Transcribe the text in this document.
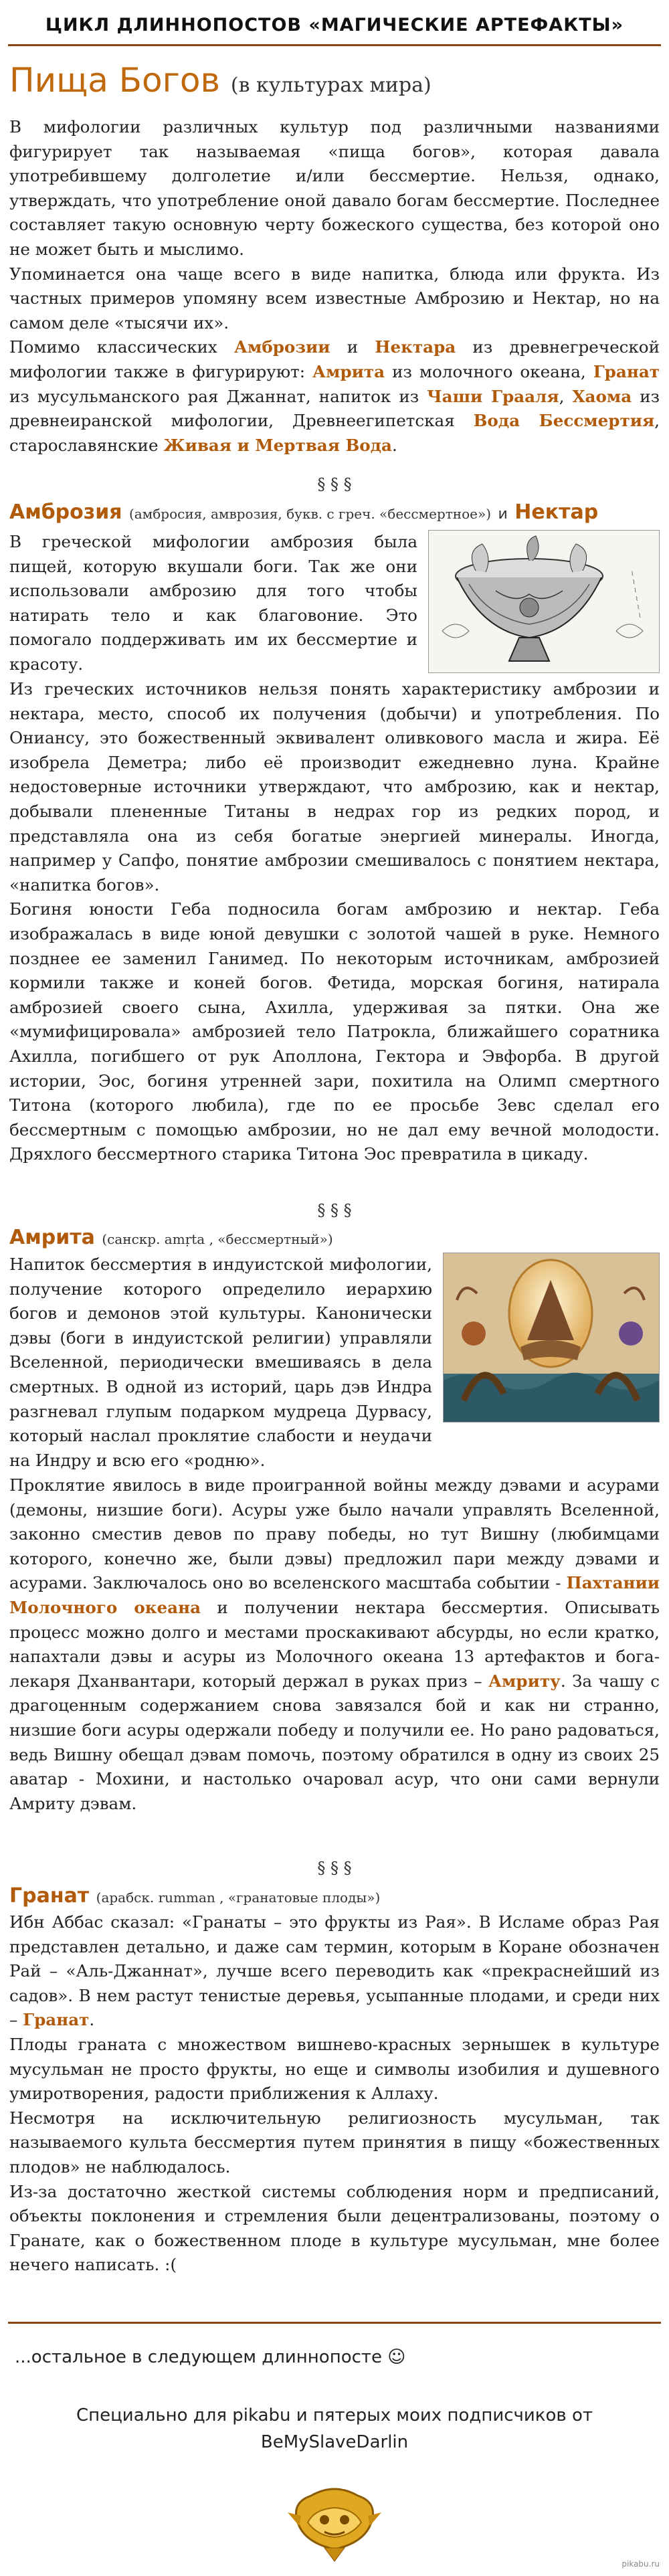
ЦИКЛ ДЛИННОПОСТОВ «МАГИЧЕСКИЕ АРТЕФАКТЫ»
Пища Богов (в культурах мира)

В мифологии различных культур под различными названиями фигурирует так называемая «пища богов», которая давала употребившему долголетие и/или бессмертие. Нельзя, однако, утверждать, что употребление оной давало богам бессмертие. Последнее составляет такую основную черту божеского существа, без которой оно не может быть и мыслимо.

Упоминается она чаще всего в виде напитка, блюда или фрукта. Из частных примеров упомяну всем известные Амброзию и Нектар, но на самом деле «тысячи их».

Помимо классических Амброзии и Нектара из древнегреческой мифологии также в фигурируют: Амрита из молочного океана, Гранат из мусульманского рая Джаннат, напиток из Чаши Грааля, Хаома из древнеиранской мифологии, Древнеегипетская Вода Бессмертия, старославянские Живая и Мертвая Вода.

§ § §
Амброзия (амбросия, амврозия, букв. с греч. «бессмертное») и Нектар
~ ~ ~ ~ ~ ~

В греческой мифологии амброзия была пищей, которую вкушали боги. Так же они использовали амброзию для того чтобы натирать тело и как благовоние. Это помогало поддерживать им их бессмертие и красоту.

Из греческих источников нельзя понять характеристику амброзии и нектара, место, способ их получения (добычи) и употребления. По Ониансу, это божественный эквивалент оливкового масла и жира. Её изобрела Деметра; либо её производит ежедневно луна. Крайне недостоверные источники утверждают, что амброзию, как и нектар, добывали плененные Титаны в недрах гор из редких пород, и представляла она из себя богатые энергией минералы. Иногда, например у Сапфо, понятие амброзии смешивалось с понятием нектара, «напитка богов».

Богиня юности Геба подносила богам амброзию и нектар. Геба изображалась в виде юной девушки с золотой чашей в руке. Немного позднее ее заменил Ганимед. По некоторым источникам, амброзией кормили также и коней богов. Фетида, морская богиня, натирала амброзией своего сына, Ахилла, удерживая за пятки. Она же «мумифицировала» амброзией тело Патрокла, ближайшего соратника Ахилла, погибшего от рук Аполлона, Гектора и Эвфорба. В другой истории, Эос, богиня утренней зари, похитила на Олимп смертного Титона (которого любила), где по ее просьбе Зевс сделал его бессмертным с помощью амброзии, но не дал ему вечной молодости. Дряхлого бессмертного старика Титона Эос превратила в цикаду.

§ § §
Амрита (санскр. amṛta , «бессмертный»)

Напиток бессмертия в индуистской мифологии, получение которого определило иерархию богов и демонов этой культуры. Канонически дэвы (боги в индуистской религии) управляли Вселенной, периодически вмешиваясь в дела смертных. В одной из историй, царь дэв Индра разгневал глупым подарком мудреца Дурвасу, который наслал проклятие слабости и неудачи на Индру и всю его «родню».

Проклятие явилось в виде проигранной войны между дэвами и асурами (демоны, низшие боги). Асуры уже было начали управлять Вселенной, законно сместив девов по праву победы, но тут Вишну (любимцами которого, конечно же, были дэвы) предложил пари между дэвами и асурами. Заключалось оно во вселенского масштаба событии - Пахтании Молочного океана и получении нектара бессмертия. Описывать процесс можно долго и местами проскакивают абсурды, но если кратко, напахтали дэвы и асуры из Молочного океана 13 артефактов и бога-лекаря Дханвантари, который держал в руках приз – Амриту. За чашу с драгоценным содержанием снова завязался бой и как ни странно, низшие боги асуры одержали победу и получили ее. Но рано радоваться, ведь Вишну обещал дэвам помочь, поэтому обратился в одну из своих 25 аватар - Мохини, и настолько очаровал асур, что они сами вернули Амриту дэвам.

§ § §
Гранат (арабск. rumman , «гранатовые плоды»)

Ибн Аббас сказал: «Гранаты – это фрукты из Рая». В Исламе образ Рая представлен детально, и даже сам термин, которым в Коране обозначен Рай – «Аль-Джаннат», лучше всего переводить как «прекраснейший из садов». В нем растут тенистые деревья, усыпанные плодами, и среди них – Гранат.

Плоды граната с множеством вишнево-красных зернышек в культуре мусульман не просто фрукты, но еще и символы изобилия и душевного умиротворения, радости приближения к Аллаху.

Несмотря на исключительную религиозность мусульман, так называемого культа бессмертия путем принятия в пищу «божественных плодов» не наблюдалось.

Из-за достаточно жесткой системы соблюдения норм и предписаний, объекты поклонения и стремления были децентрализованы, поэтому о Гранате, как о божественном плоде в культуре мусульман, мне более нечего написать. :(

...остальное в следующем длиннопосте ☺
Специально для pikabu и пятерых моих подписчиков от
BeMySlaveDarlin
pikabu.ru
